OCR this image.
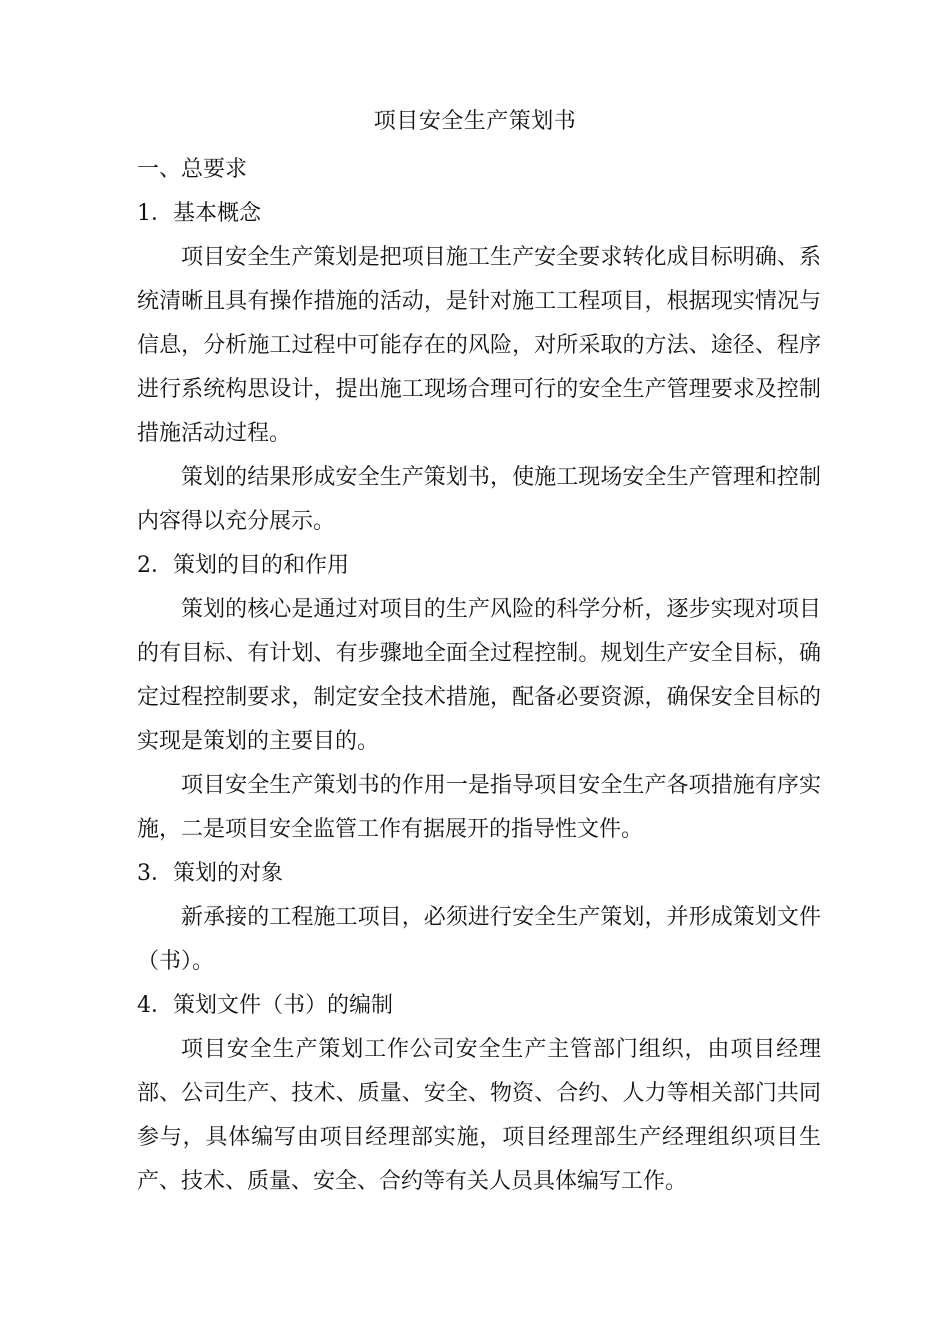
项目安全生产策划书
一、总要求
1．基本概念

项目安全生产策划是把项目施工生产安全要求转化成目标明确、系统清晰且具有操作措施的活动，是针对施工工程项目，根据现实情况与信息，分析施工过程中可能存在的风险，对所采取的方法、途径、程序进行系统构思设计，提出施工现场合理可行的安全生产管理要求及控制措施活动过程。

策划的结果形成安全生产策划书，使施工现场安全生产管理和控制内容得以充分展示。

2．策划的目的和作用

策划的核心是通过对项目的生产风险的科学分析，逐步实现对项目的有目标、有计划、有步骤地全面全过程控制。规划生产安全目标，确定过程控制要求，制定安全技术措施，配备必要资源，确保安全目标的实现是策划的主要目的。

项目安全生产策划书的作用一是指导项目安全生产各项措施有序实施，二是项目安全监管工作有据展开的指导性文件。

3．策划的对象

新承接的工程施工项目，必须进行安全生产策划，并形成策划文件（书）。

4．策划文件（书）的编制

项目安全生产策划工作公司安全生产主管部门组织，由项目经理部、公司生产、技术、质量、安全、物资、合约、人力等相关部门共同参与，具体编写由项目经理部实施，项目经理部生产经理组织项目生产、技术、质量、安全、合约等有关人员具体编写工作。
